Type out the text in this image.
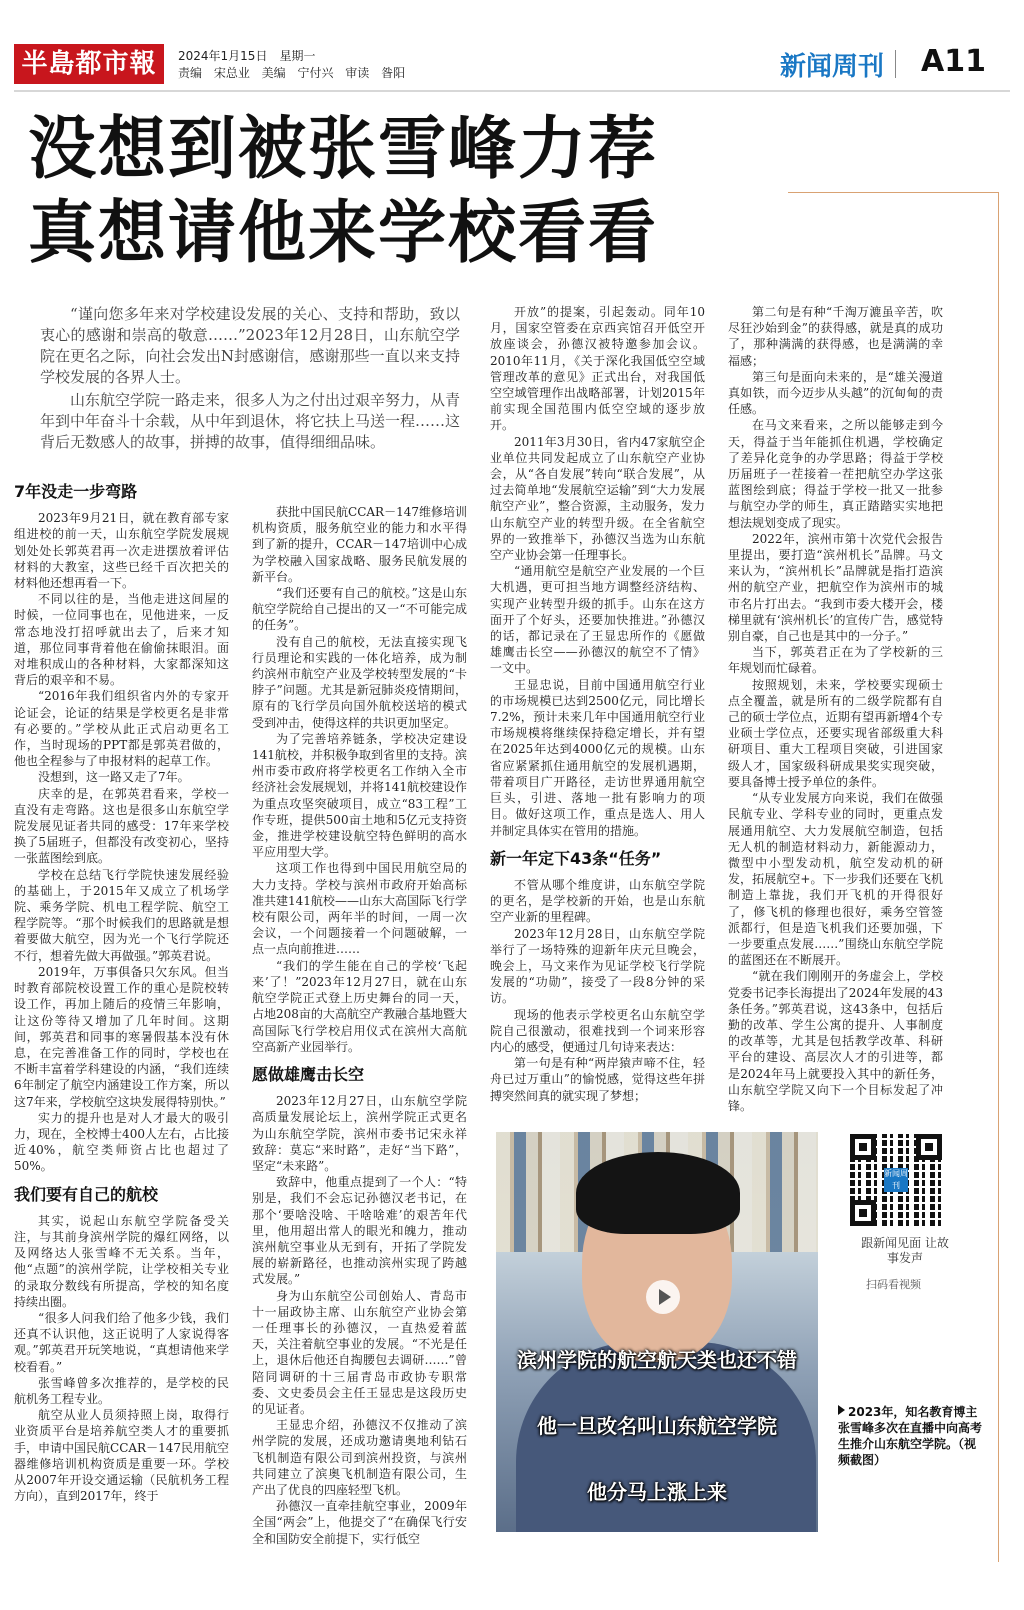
半島都市報	2024年1月15日　星期一
责编 宋总业 美编 宁付兴 审读 昝阳	新闻周刊 A11
没想到被张雪峰力荐
真想请他来学校看看

“谨向您多年来对学校建设发展的关心、支持和帮助，致以衷心的感谢和崇高的敬意……”2023年12月28日，山东航空学院在更名之际，向社会发出N封感谢信，感谢那些一直以来支持学校发展的各界人士。

山东航空学院一路走来，很多人为之付出过艰辛努力，从青年到中年奋斗十余载，从中年到退休，将它扶上马送一程……这背后无数感人的故事，拼搏的故事，值得细细品味。

7年没走一步弯路

2023年9月21日，就在教育部专家组进校的前一天，山东航空学院发展规划处处长郭英君再一次走进摆放着评估材料的大教室，这些已经千百次把关的材料他还想再看一下。

不同以往的是，当他走进这间屋的时候，一位同事也在，见他进来，一反常态地没打招呼就出去了，后来才知道，那位同事背着他在偷偷抹眼泪。面对堆积成山的各种材料，大家都深知这背后的艰辛和不易。

“2016年我们组织省内外的专家开论证会，论证的结果是学校更名是非常有必要的。”学校从此正式启动更名工作，当时现场的PPT都是郭英君做的，他也全程参与了申报材料的起草工作。

没想到，这一路又走了7年。

庆幸的是，在郭英君看来，学校一直没有走弯路。这也是很多山东航空学院发展见证者共同的感受：17年来学校换了5届班子，但都没有改变初心，坚持一张蓝图绘到底。

学校在总结飞行学院快速发展经验的基础上，于2015年又成立了机场学院、乘务学院、机电工程学院、航空工程学院等。“那个时候我们的思路就是想着要做大航空，因为光一个飞行学院还不行，想着先做大再做强。”郭英君说。

2019年，万事俱备只欠东风。但当时教育部院校设置工作的重心是院校转设工作，再加上随后的疫情三年影响，让这份等待又增加了几年时间。这期间，郭英君和同事的寒暑假基本没有休息，在完善准备工作的同时，学校也在不断丰富着学科建设的内涵，“我们连续6年制定了航空内涵建设工作方案，所以这7年来，学校航空这块发展得特别快。”

实力的提升也是对人才最大的吸引力，现在，全校博士400人左右，占比接近40%，航空类师资占比也超过了50%。

我们要有自己的航校

其实，说起山东航空学院备受关注，与其前身滨州学院的爆红网络，以及网络达人张雪峰不无关系。当年，他“点题”的滨州学院，让学校相关专业的录取分数线有所提高，学校的知名度持续出圈。

“很多人问我们给了他多少钱，我们还真不认识他，这正说明了人家说得客观。”郭英君开玩笑地说，“真想请他来学校看看。”

张雪峰曾多次推荐的，是学校的民航机务工程专业。

航空从业人员须持照上岗，取得行业资质平台是培养航空类人才的重要抓手，申请中国民航CCAR－147民用航空器维修培训机构资质是重要一环。学校从2007年开设交通运输（民航机务工程方向），直到2017年，终于

获批中国民航CCAR－147维修培训机构资质，服务航空业的能力和水平得到了新的提升，CCAR－147培训中心成为学校融入国家战略、服务民航发展的新平台。

“我们还要有自己的航校。”这是山东航空学院给自己提出的又一“不可能完成的任务”。

没有自己的航校，无法直接实现飞行员理论和实践的一体化培养，成为制约滨州市航空产业及学校转型发展的“卡脖子”问题。尤其是新冠肺炎疫情期间，原有的飞行学员向国外航校送培的模式受到冲击，使得这样的共识更加坚定。

为了完善培养链条，学校决定建设141航校，并积极争取到省里的支持。滨州市委市政府将学校更名工作纳入全市经济社会发展规划，并将141航校建设作为重点攻坚突破项目，成立“83工程”工作专班，提供500亩土地和5亿元支持资金，推进学校建设航空特色鲜明的高水平应用型大学。

这项工作也得到中国民用航空局的大力支持。学校与滨州市政府开始高标准共建141航校——山东大高国际飞行学校有限公司，两年半的时间，一周一次会议，一个问题接着一个问题破解，一点一点向前推进……

“我们的学生能在自己的学校‘飞起来’了！”2023年12月27日，就在山东航空学院正式登上历史舞台的同一天，占地208亩的大高航空产教融合基地暨大高国际飞行学校启用仪式在滨州大高航空高新产业园举行。

愿做雄鹰击长空

2023年12月27日，山东航空学院高质量发展论坛上，滨州学院正式更名为山东航空学院，滨州市委书记宋永祥致辞：莫忘“来时路”，走好“当下路”，坚定“未来路”。

致辞中，他重点提到了一个人：“特别是，我们不会忘记孙德汉老书记，在那个‘要啥没啥、干啥啥难’的艰苦年代里，他用超出常人的眼光和魄力，推动滨州航空事业从无到有，开拓了学院发展的崭新路径，也推动滨州实现了跨越式发展。”

身为山东航空公司创始人、青岛市十一届政协主席、山东航空产业协会第一任理事长的孙德汉，一直热爱着蓝天，关注着航空事业的发展。“不光是任上，退休后他还自掏腰包去调研……”曾陪同调研的十三届青岛市政协专职常委、文史委员会主任王显忠是这段历史的见证者。

王显忠介绍，孙德汉不仅推动了滨州学院的发展，还成功邀请奥地利钻石飞机制造有限公司到滨州投资，与滨州共同建立了滨奥飞机制造有限公司，生产出了优良的四座轻型飞机。

孙德汉一直牵挂航空事业，2009年全国“两会”上，他提交了“在确保飞行安全和国防安全前提下，实行低空

开放”的提案，引起轰动。同年10月，国家空管委在京西宾馆召开低空开放座谈会，孙德汉被特邀参加会议。2010年11月，《关于深化我国低空空域管理改革的意见》正式出台，对我国低空空域管理作出战略部署，计划2015年前实现全国范围内低空空域的逐步放开。

2011年3月30日，省内47家航空企业单位共同发起成立了山东航空产业协会，从“各自发展”转向“联合发展”，从过去简单地“发展航空运输”到“大力发展航空产业”，整合资源，主动服务，发力山东航空产业的转型升级。在全省航空界的一致推举下，孙德汉当选为山东航空产业协会第一任理事长。

“通用航空是航空产业发展的一个巨大机遇，更可担当地方调整经济结构、实现产业转型升级的抓手。山东在这方面开了个好头，还要加快推进。”孙德汉的话，都记录在了王显忠所作的《愿做雄鹰击长空——孙德汉的航空不了情》一文中。

王显忠说，目前中国通用航空行业的市场规模已达到2500亿元，同比增长7.2%，预计未来几年中国通用航空行业市场规模将继续保持稳定增长，并有望在2025年达到4000亿元的规模。山东省应紧紧抓住通用航空的发展机遇期，带着项目广开路径，走访世界通用航空巨头，引进、落地一批有影响力的项目。做好这项工作，重点是选人、用人并制定具体实在管用的措施。

新一年定下43条“任务”

不管从哪个维度讲，山东航空学院的更名，是学校新的开始，也是山东航空产业新的里程碑。

2023年12月28日，山东航空学院举行了一场特殊的迎新年庆元旦晚会，晚会上，马文来作为见证学校飞行学院发展的“功勋”，接受了一段8分钟的采访。

现场的他表示学校更名山东航空学院自己很激动，很难找到一个词来形容内心的感受，便通过几句诗来表达：

第一句是有种“两岸猿声啼不住，轻舟已过万重山”的愉悦感，觉得这些年拼搏突然间真的就实现了梦想；

第二句是有种“千淘万漉虽辛苦，吹尽狂沙始到金”的获得感，就是真的成功了，那种满满的获得感，也是满满的幸福感；

第三句是面向未来的，是“雄关漫道真如铁，而今迈步从头越”的沉甸甸的责任感。

在马文来看来，之所以能够走到今天，得益于当年能抓住机遇，学校确定了差异化竞争的办学思路；得益于学校历届班子一茬接着一茬把航空办学这张蓝图绘到底；得益于学校一批又一批参与航空办学的师生，真正踏踏实实地把想法规划变成了现实。

2022年，滨州市第十次党代会报告里提出，要打造“滨州机长”品牌。马文来认为，“滨州机长”品牌就是指打造滨州的航空产业，把航空作为滨州市的城市名片打出去。“我到市委大楼开会，楼梯里就有‘滨州机长’的宣传广告，感觉特别自豪，自己也是其中的一分子。”

当下，郭英君正在为了学校新的三年规划而忙碌着。

按照规划，未来，学校要实现硕士点全覆盖，就是所有的二级学院都有自己的硕士学位点，近期有望再新增4个专业硕士学位点，还要实现省部级重大科研项目、重大工程项目突破，引进国家级人才，国家级科研成果奖实现突破，要具备博士授予单位的条件。

“从专业发展方向来说，我们在做强民航专业、学科专业的同时，更重点发展通用航空、大力发展航空制造，包括无人机的制造材料动力，新能源动力，微型中小型发动机，航空发动机的研发，拓展航空+。下一步我们还要在飞机制造上靠拢，我们开飞机的开得很好了，修飞机的修理也很好，乘务空管签派都行，但是造飞机我们还要加强，下一步要重点发展……”围绕山东航空学院的蓝图还在不断展开。

“就在我们刚刚开的务虚会上，学校党委书记李长海提出了2024年发展的43条任务。”郭英君说，这43条中，包括后勤的改革、学生公寓的提升、人事制度的改革等，尤其是包括教学改革、科研平台的建设、高层次人才的引进等，都是2024年马上就要投入其中的新任务，山东航空学院又向下一个目标发起了冲锋。

滨州学院的航空航天类也还不错
他一旦改名叫山东航空学院
他分马上涨上来
新闻周刊
跟新闻见面 让故事发声
扫码看视频
2023年，知名教育博主张雪峰多次在直播中向高考生推介山东航空学院。（视频截图）
